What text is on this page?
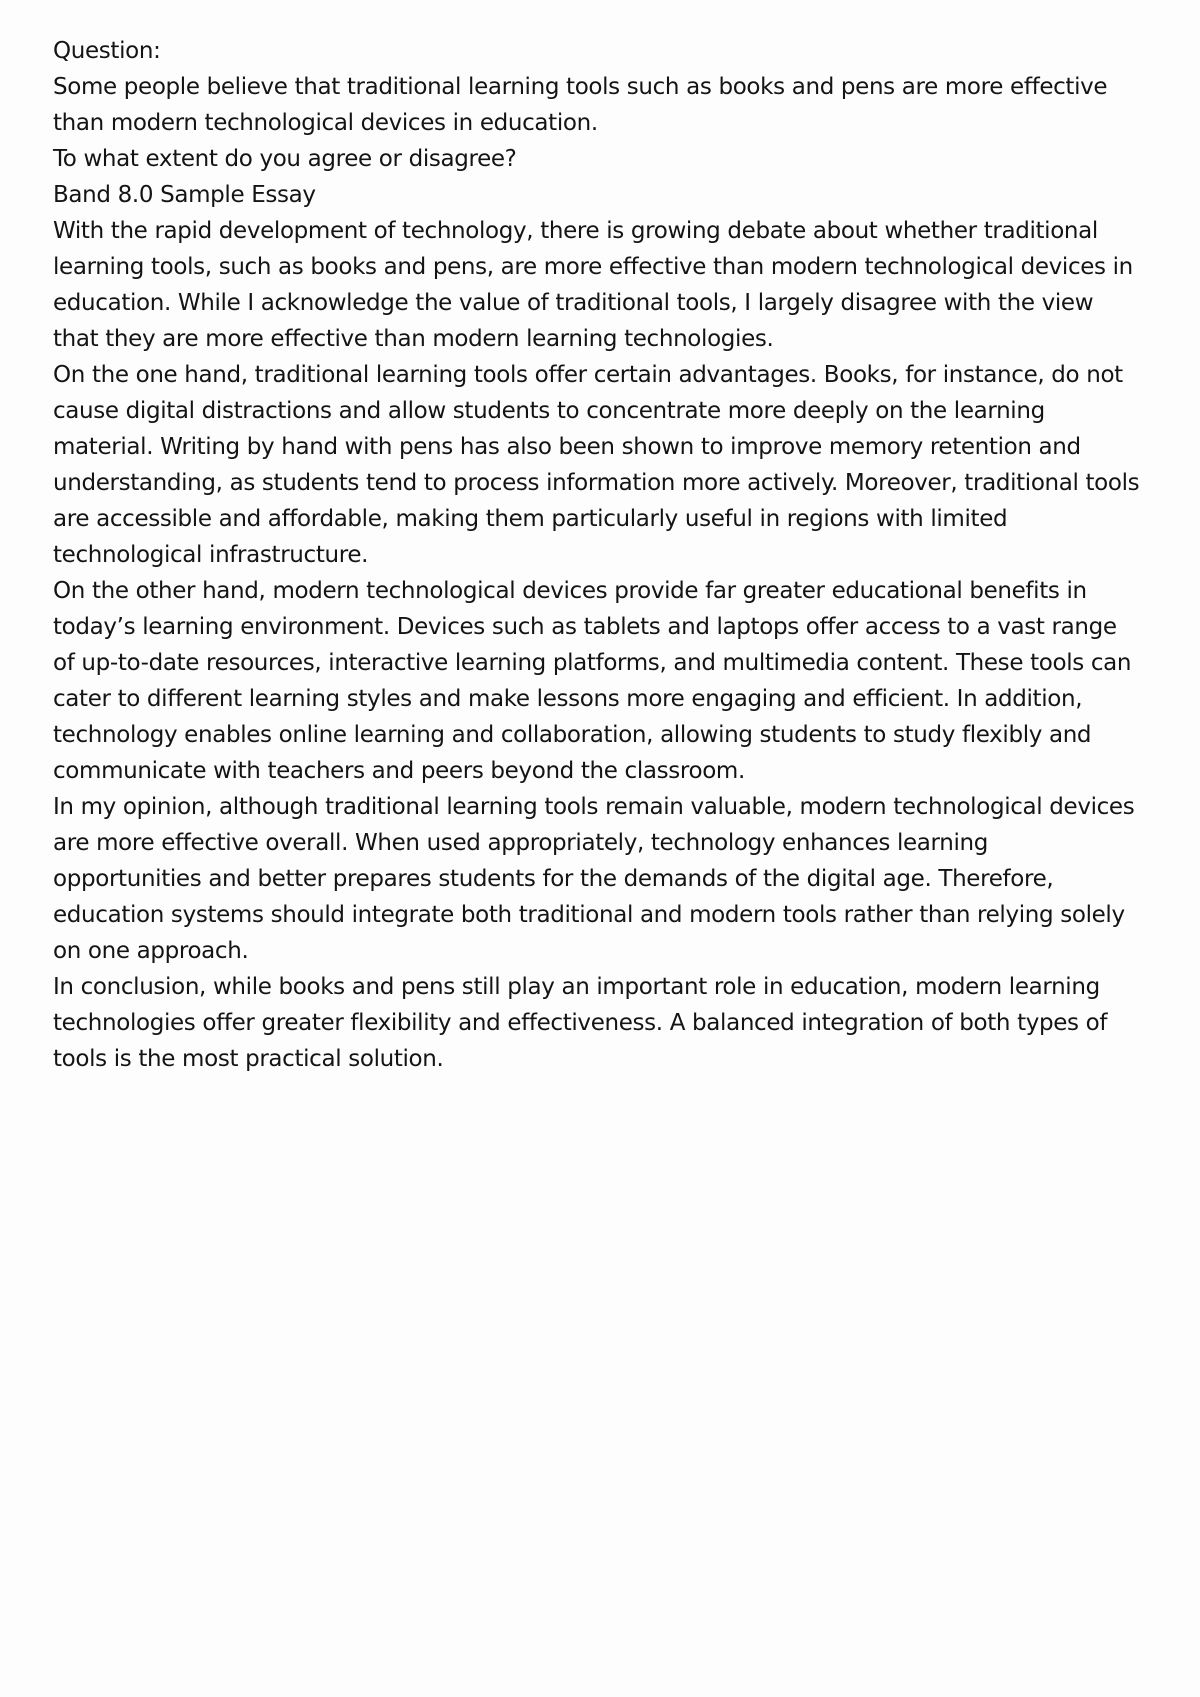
Question:

Some people believe that traditional learning tools such as books and pens are more effective than modern technological devices in education.

To what extent do you agree or disagree?

Band 8.0 Sample Essay

With the rapid development of technology, there is growing debate about whether traditional learning tools, such as books and pens, are more effective than modern technological devices in education. While I acknowledge the value of traditional tools, I largely disagree with the view that they are more effective than modern learning technologies.

On the one hand, traditional learning tools offer certain advantages. Books, for instance, do not cause digital distractions and allow students to concentrate more deeply on the learning material. Writing by hand with pens has also been shown to improve memory retention and understanding, as students tend to process information more actively. Moreover, traditional tools are accessible and affordable, making them particularly useful in regions with limited technological infrastructure.

On the other hand, modern technological devices provide far greater educational benefits in today’s learning environment. Devices such as tablets and laptops offer access to a vast range of up-to-date resources, interactive learning platforms, and multimedia content. These tools can cater to different learning styles and make lessons more engaging and efficient. In addition, technology enables online learning and collaboration, allowing students to study flexibly and communicate with teachers and peers beyond the classroom.

In my opinion, although traditional learning tools remain valuable, modern technological devices are more effective overall. When used appropriately, technology enhances learning opportunities and better prepares students for the demands of the digital age. Therefore, education systems should integrate both traditional and modern tools rather than relying solely on one approach.

In conclusion, while books and pens still play an important role in education, modern learning technologies offer greater flexibility and effectiveness. A balanced integration of both types of tools is the most practical solution.
